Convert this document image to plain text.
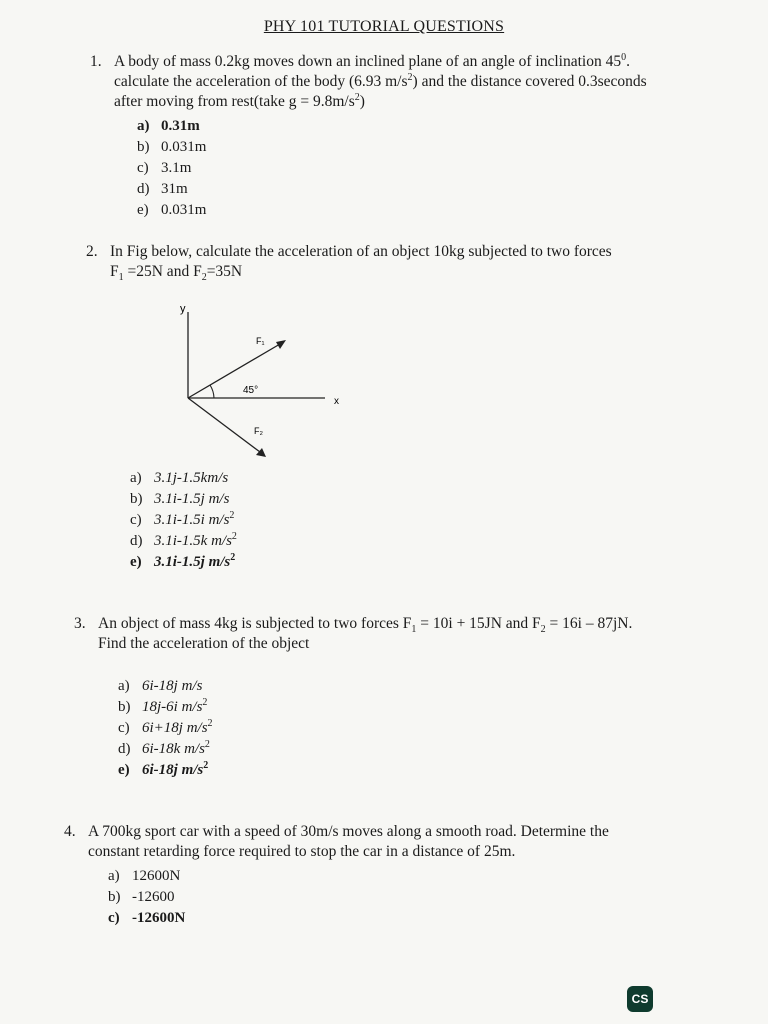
PHY 101 TUTORIAL QUESTIONS
1. A body of mass 0.2kg moves down an inclined plane of an angle of inclination $45^0$.
calculate the acceleration of the body (6.93 $m/s^2$) and the distance covered 0.3seconds
after moving from rest(take $g = 9.8m/s^2$)
a) 0.31m
b) 0.031m
c) 3.1m
d) 31m
e) 0.031m
2. In Fig below, calculate the acceleration of an object 10kg subjected to two forces
$F_1 =25N$ and $F_2=35N$
y
x
F₁
F₂
45°
a) 3.1j-1.5km/s
b) 3.1i-1.5j m/s
c) 3.1i-1.5i $m/s^2$
d) 3.1i-1.5k $m/s^2$
e) 3.1i-1.5j $m/s^2$
3. An object of mass 4kg is subjected to two forces $F_1 = 10i + 15JN$ and $F_2 = 16i - 87jN$.
Find the acceleration of the object
a) 6i-18j m/s
b) 18j-6i $m/s^2$
c) 6i+18j $m/s^2$
d) 6i-18k $m/s^2$
e) 6i-18j $m/s^2$
4. A 700kg sport car with a speed of 30m/s moves along a smooth road. Determine the
constant retarding force required to stop the car in a distance of 25m.
a) 12600N
b) -12600
c) -12600N
CS
